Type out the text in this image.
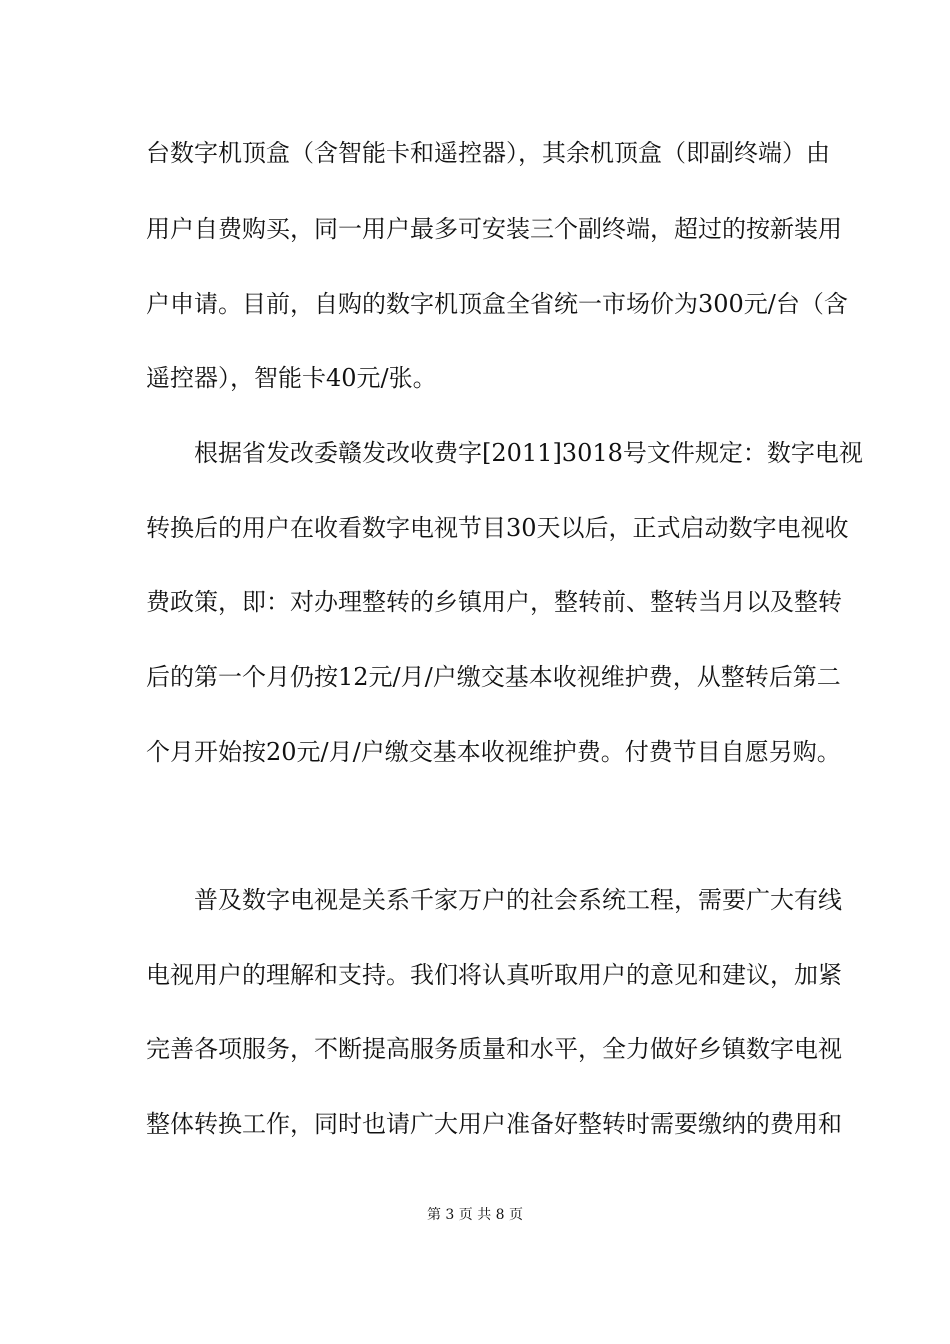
台数字机顶盒（含智能卡和遥控器），其余机顶盒（即副终端）由
用户自费购买，同一用户最多可安装三个副终端，超过的按新装用
户申请。目前，自购的数字机顶盒全省统一市场价为300元/台（含
遥控器），智能卡40元/张。
根据省发改委赣发改收费字[2011]3018号文件规定：数字电视
转换后的用户在收看数字电视节目30天以后，正式启动数字电视收
费政策，即：对办理整转的乡镇用户，整转前、整转当月以及整转
后的第一个月仍按12元/月/户缴交基本收视维护费，从整转后第二
个月开始按20元/月/户缴交基本收视维护费。付费节目自愿另购。
普及数字电视是关系千家万户的社会系统工程，需要广大有线
电视用户的理解和支持。我们将认真听取用户的意见和建议，加紧
完善各项服务，不断提高服务质量和水平，全力做好乡镇数字电视
整体转换工作，同时也请广大用户准备好整转时需要缴纳的费用和
第 3 页 共 8 页
